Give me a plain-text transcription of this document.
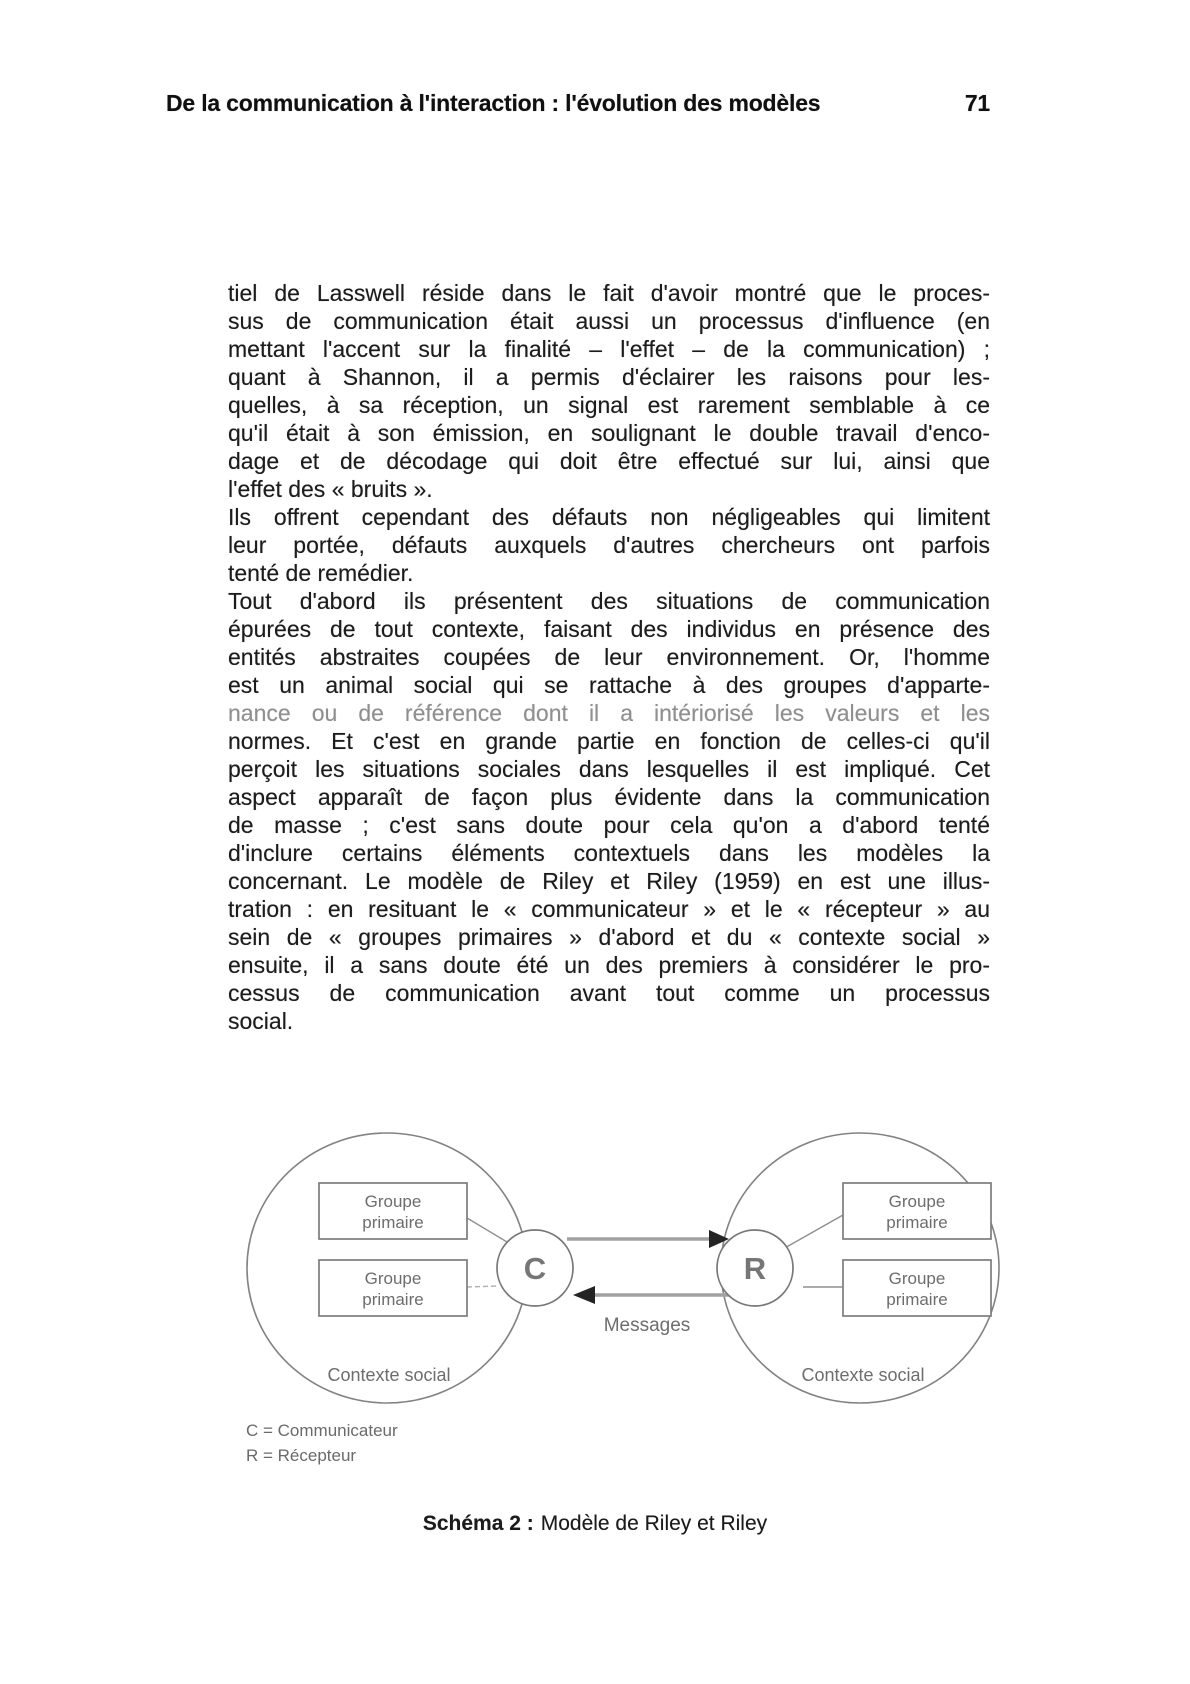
De la communication à l'interaction : l'évolution des modèles	71
tiel de Lasswell réside dans le fait d'avoir montré que le proces-
sus de communication était aussi un processus d'influence (en
mettant l'accent sur la finalité – l'effet – de la communication) ;
quant à Shannon, il a permis d'éclairer les raisons pour les-
quelles, à sa réception, un signal est rarement semblable à ce
qu'il était à son émission, en soulignant le double travail d'enco-
dage et de décodage qui doit être effectué sur lui, ainsi que
l'effet des « bruits ».
Ils offrent cependant des défauts non négligeables qui limitent
leur portée, défauts auxquels d'autres chercheurs ont parfois
tenté de remédier.
Tout d'abord ils présentent des situations de communication
épurées de tout contexte, faisant des individus en présence des
entités abstraites coupées de leur environnement. Or, l'homme
est un animal social qui se rattache à des groupes d'apparte-
nance ou de référence dont il a intériorisé les valeurs et les
normes. Et c'est en grande partie en fonction de celles-ci qu'il
perçoit les situations sociales dans lesquelles il est impliqué. Cet
aspect apparaît de façon plus évidente dans la communication
de masse ; c'est sans doute pour cela qu'on a d'abord tenté
d'inclure certains éléments contextuels dans les modèles la
concernant. Le modèle de Riley et Riley (1959) en est une illus-
tration : en resituant le « communicateur » et le « récepteur » au
sein de « groupes primaires » d'abord et du « contexte social »
ensuite, il a sans doute été un des premiers à considérer le pro-
cessus de communication avant tout comme un processus
social.
Groupe
primaire
Groupe
primaire
Groupe
primaire
Groupe
primaire
C	R
Messages
Contexte social	Contexte social
C = Communicateur
R = Récepteur
Schéma 2 : Modèle de Riley et Riley
